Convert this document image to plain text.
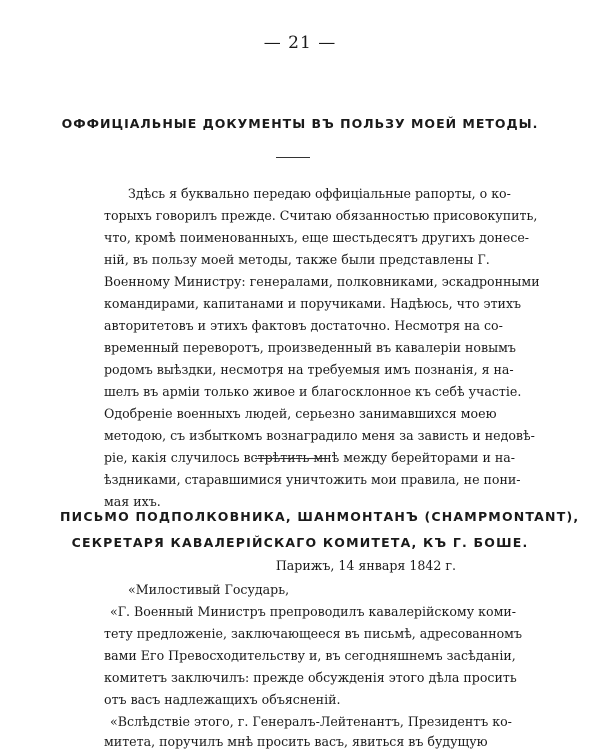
— 21 —
ОФФИЦІАЛЬНЫЕ ДОКУМЕНТЫ ВЪ ПОЛЬЗУ МОЕЙ МЕТОДЫ.

Здѣсь я буквально передаю оффиціальные рапорты, о ко-

торыхъ говорилъ прежде. Считаю обязанностью присовокупить,

что, кромѣ поименованныхъ, еще шестьдесятъ другихъ донесе-

ній, въ пользу моей методы, также были представлены Г.

Военному Министру: генералами, полковниками, эскадронными

командирами, капитанами и поручиками. Надѣюсь, что этихъ

авторитетовъ и этихъ фактовъ достаточно. Несмотря на со-

временный переворотъ, произведенный въ кавалеріи новымъ

родомъ выѣздки, несмотря на требуемыя имъ познанія, я на-

шелъ въ арміи только живое и благосклонное къ себѣ участіе.

Одобреніе военныхъ людей, серьезно занимавшихся моею

методою, съ избыткомъ вознаградило меня за зависть и недовѣ-

ріе, какія случилось встрѣтить мнѣ между берейторами и на-

ѣздниками, старавшимися уничтожить мои правила, не пони-

мая ихъ.

ПИСЬМО ПОДПОЛКОВНИКА, ШАНМОНТАНЪ (CHAMPMONTANT),
СЕКРЕТАРЯ КАВАЛЕРІЙСКАГО КОМИТЕТА, КЪ Г. БОШЕ.
Парижъ, 14 января 1842 г.

«Милостивый Государь,

«Г. Военный Министръ препроводилъ кавалерійскому коми-

тету предложеніе, заключающееся въ письмѣ, адресованномъ

вами Его Превосходительству и, въ сегодняшнемъ засѣданіи,

комитетъ заключилъ: прежде обсужденія этого дѣла просить

отъ васъ надлежащихъ объясненій.

«Вслѣдствіе этого, г. Генералъ-Лейтенантъ, Президентъ ко-

митета, поручилъ мнѣ просить васъ, явиться въ будущую
